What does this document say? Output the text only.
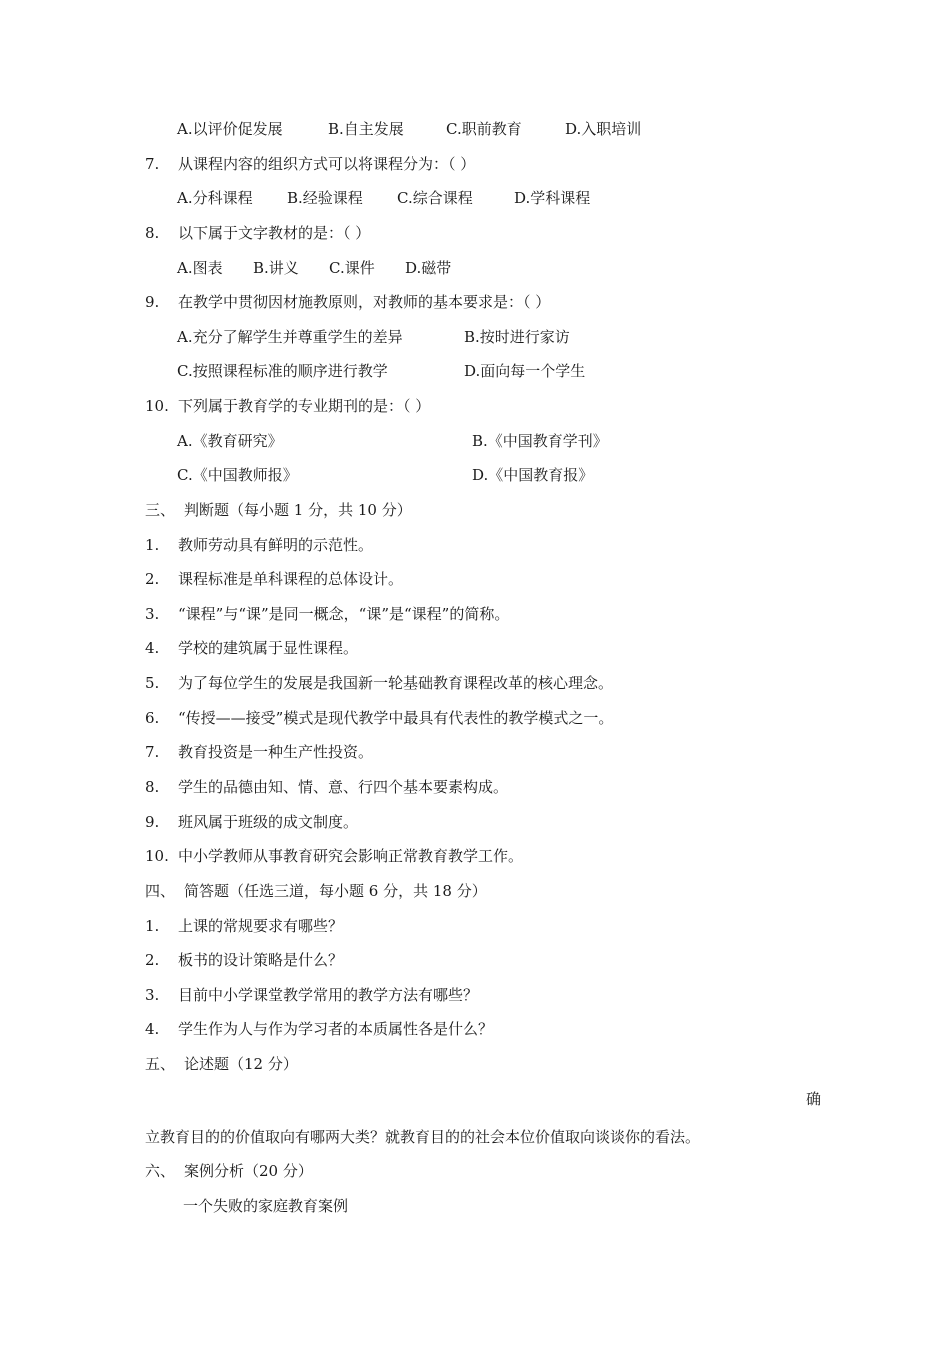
A.以评价促发展	B.自主发展	C.职前教育	D.入职培训
7. 从课程内容的组织方式可以将课程分为：（ ）
A.分科课程 B.经验课程 C.综合课程	D.学科课程
8. 以下属于文字教材的是：（ ）
A.图表 B.讲义 C.课件 D.磁带
9. 在教学中贯彻因材施教原则，对教师的基本要求是：（ ）
A.充分了解学生并尊重学生的差异	B.按时进行家访
C.按照课程标准的顺序进行教学	D.面向每一个学生
10. 下列属于教育学的专业期刊的是：（ ）
A.《教育研究》	B.《中国教育学刊》
C.《中国教师报》	D.《中国教育报》
三、 判断题（每小题 1 分，共 10 分）
1. 教师劳动具有鲜明的示范性。
2. 课程标准是单科课程的总体设计。
3. “课程”与“课”是同一概念，“课”是“课程”的简称。
4. 学校的建筑属于显性课程。
5. 为了每位学生的发展是我国新一轮基础教育课程改革的核心理念。
6. “传授——接受”模式是现代教学中最具有代表性的教学模式之一。
7. 教育投资是一种生产性投资。
8. 学生的品德由知、情、意、行四个基本要素构成。
9. 班风属于班级的成文制度。
10. 中小学教师从事教育研究会影响正常教育教学工作。
四、 简答题（任选三道，每小题 6 分，共 18 分）
1. 上课的常规要求有哪些？
2. 板书的设计策略是什么？
3. 目前中小学课堂教学常用的教学方法有哪些？
4. 学生作为人与作为学习者的本质属性各是什么？
五、 论述题（12 分）
确
立教育目的的价值取向有哪两大类？就教育目的的社会本位价值取向谈谈你的看法。
六、 案例分析（20 分）
一个失败的家庭教育案例
